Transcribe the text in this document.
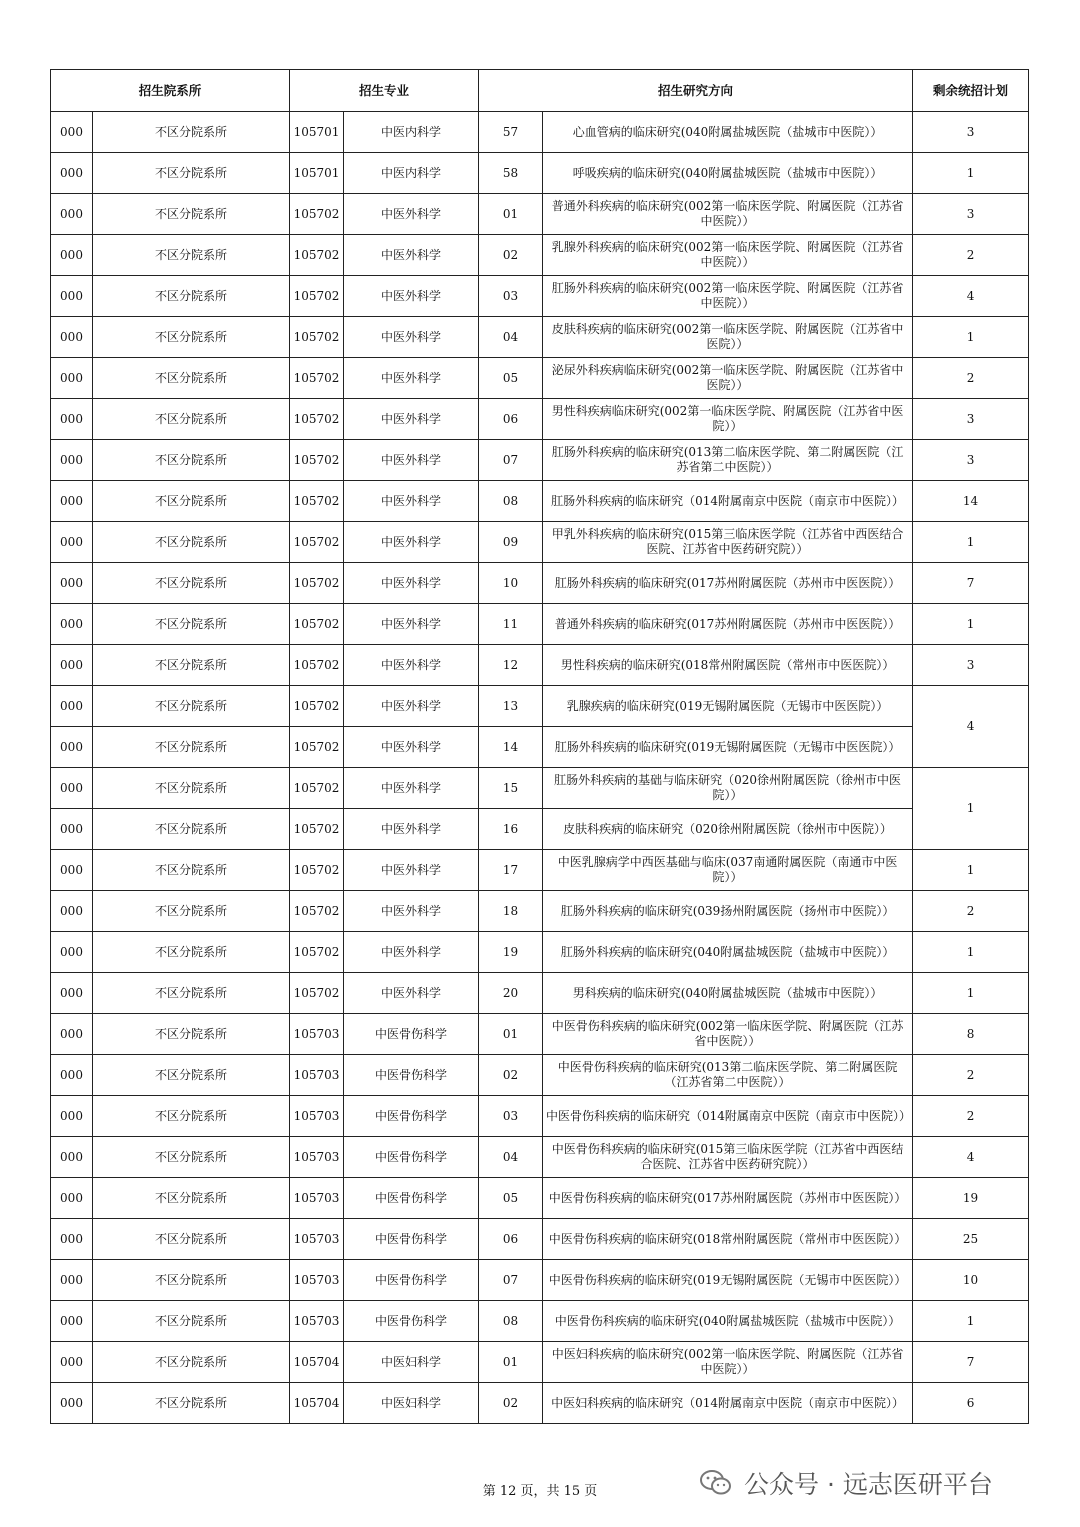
招生院系所		招生专业		招生研究方向		剩余统招计划
000	不区分院系所	105701	中医内科学	57	心血管病的临床研究(040附属盐城医院（盐城市中医院））	3
000	不区分院系所	105701	中医内科学	58	呼吸疾病的临床研究(040附属盐城医院（盐城市中医院））	1
000	不区分院系所	105702	中医外科学	01	普通外科疾病的临床研究(002第一临床医学院、附属医院（江苏省中医院））	3
000	不区分院系所	105702	中医外科学	02	乳腺外科疾病的临床研究(002第一临床医学院、附属医院（江苏省中医院））	2
000	不区分院系所	105702	中医外科学	03	肛肠外科疾病的临床研究(002第一临床医学院、附属医院（江苏省中医院））	4
000	不区分院系所	105702	中医外科学	04	皮肤科疾病的临床研究(002第一临床医学院、附属医院（江苏省中医院））	1
000	不区分院系所	105702	中医外科学	05	泌尿外科疾病临床研究(002第一临床医学院、附属医院（江苏省中医院））	2
000	不区分院系所	105702	中医外科学	06	男性科疾病临床研究(002第一临床医学院、附属医院（江苏省中医院））	3
000	不区分院系所	105702	中医外科学	07	肛肠外科疾病的临床研究(013第二临床医学院、第二附属医院（江苏省第二中医院））	3
000	不区分院系所	105702	中医外科学	08	肛肠外科疾病的临床研究（014附属南京中医院（南京市中医院））	14
000	不区分院系所	105702	中医外科学	09	甲乳外科疾病的临床研究(015第三临床医学院（江苏省中西医结合医院、江苏省中医药研究院））	1
000	不区分院系所	105702	中医外科学	10	肛肠外科疾病的临床研究(017苏州附属医院（苏州市中医医院））	7
000	不区分院系所	105702	中医外科学	11	普通外科疾病的临床研究(017苏州附属医院（苏州市中医医院））	1
000	不区分院系所	105702	中医外科学	12	男性科疾病的临床研究(018常州附属医院（常州市中医医院））	3
000	不区分院系所	105702	中医外科学	13	乳腺疾病的临床研究(019无锡附属医院（无锡市中医医院））	4
000	不区分院系所	105702	中医外科学	14	肛肠外科疾病的临床研究(019无锡附属医院（无锡市中医医院））	
000	不区分院系所	105702	中医外科学	15	肛肠外科疾病的基础与临床研究（020徐州附属医院（徐州市中医院））	1
000	不区分院系所	105702	中医外科学	16	皮肤科疾病的临床研究（020徐州附属医院（徐州市中医院））	
000	不区分院系所	105702	中医外科学	17	中医乳腺病学中西医基础与临床(037南通附属医院（南通市中医院））	1
000	不区分院系所	105702	中医外科学	18	肛肠外科疾病的临床研究(039扬州附属医院（扬州市中医院））	2
000	不区分院系所	105702	中医外科学	19	肛肠外科疾病的临床研究(040附属盐城医院（盐城市中医院））	1
000	不区分院系所	105702	中医外科学	20	男科疾病的临床研究(040附属盐城医院（盐城市中医院））	1
000	不区分院系所	105703	中医骨伤科学	01	中医骨伤科疾病的临床研究(002第一临床医学院、附属医院（江苏省中医院））	8
000	不区分院系所	105703	中医骨伤科学	02	中医骨伤科疾病的临床研究(013第二临床医学院、第二附属医院（江苏省第二中医院））	2
000	不区分院系所	105703	中医骨伤科学	03	中医骨伤科疾病的临床研究（014附属南京中医院（南京市中医院））	2
000	不区分院系所	105703	中医骨伤科学	04	中医骨伤科疾病的临床研究(015第三临床医学院（江苏省中西医结合医院、江苏省中医药研究院））	4
000	不区分院系所	105703	中医骨伤科学	05	中医骨伤科疾病的临床研究(017苏州附属医院（苏州市中医医院））	19
000	不区分院系所	105703	中医骨伤科学	06	中医骨伤科疾病的临床研究(018常州附属医院（常州市中医医院））	25
000	不区分院系所	105703	中医骨伤科学	07	中医骨伤科疾病的临床研究(019无锡附属医院（无锡市中医医院））	10
000	不区分院系所	105703	中医骨伤科学	08	中医骨伤科疾病的临床研究(040附属盐城医院（盐城市中医院））	1
000	不区分院系所	105704	中医妇科学	01	中医妇科疾病的临床研究(002第一临床医学院、附属医院（江苏省中医院））	7
000	不区分院系所	105704	中医妇科学	02	中医妇科疾病的临床研究（014附属南京中医院（南京市中医院））	6
第 12 页，共 15 页	公众号 · 远志医研平台
